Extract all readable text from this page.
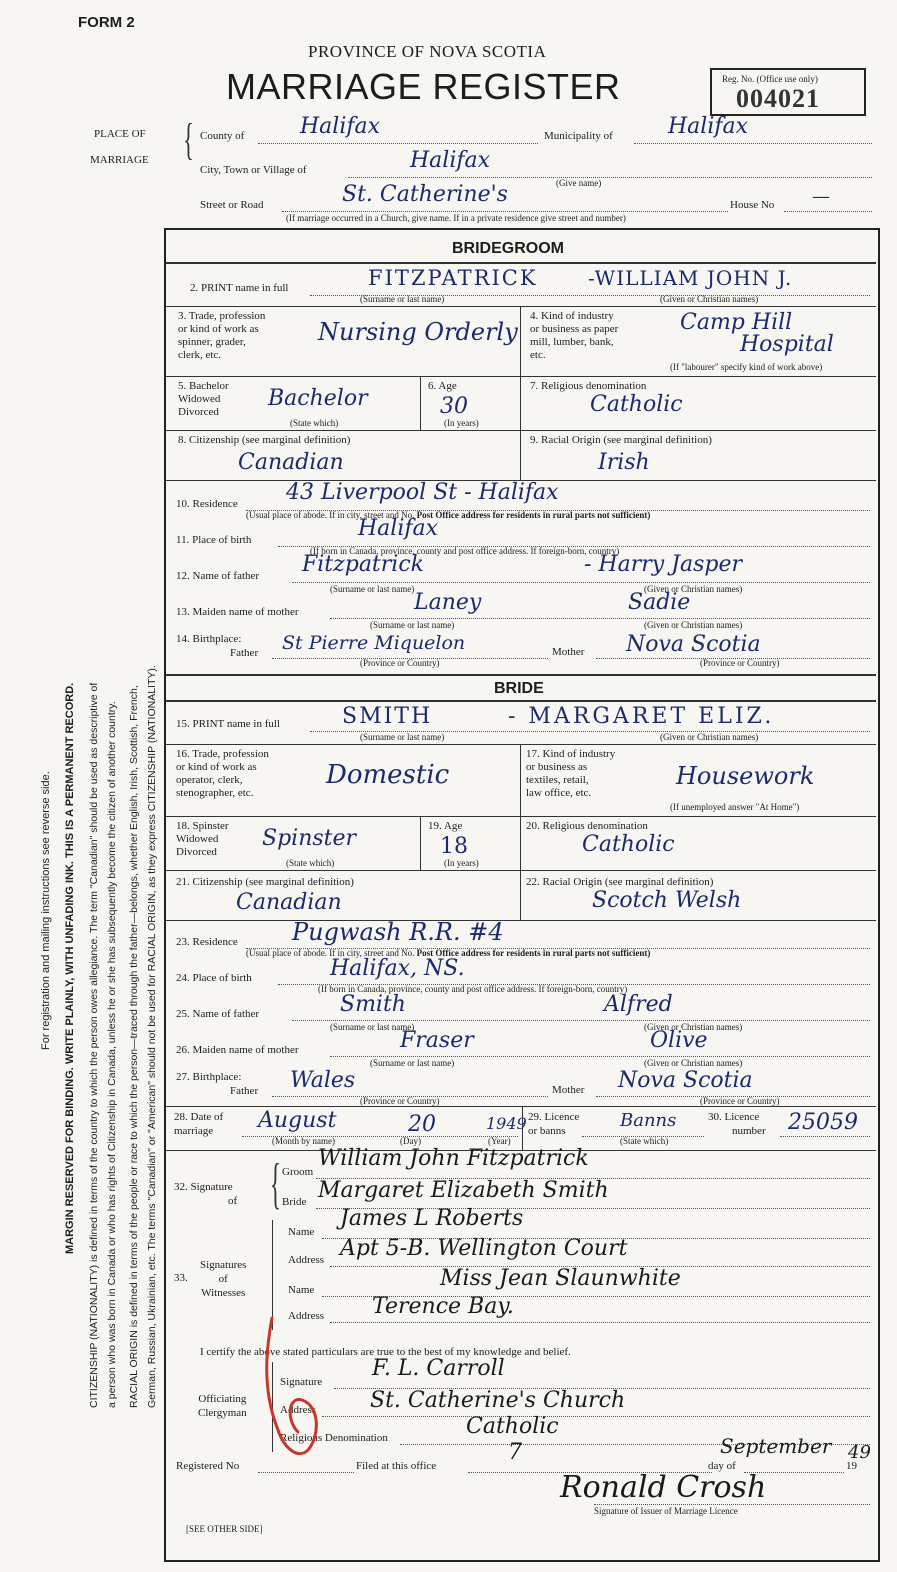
FORM 2
PROVINCE OF NOVA SCOTIA
MARRIAGE REGISTER	Reg. No. (Office use only)
004021
PLACE OF
MARRIAGE { County of	Halifax	Municipality of	Halifax
City, Town or Village of	Halifax
(Give name)
Street or Road	St. Catherine's	House No —
(If marriage occurred in a Church, give name. If in a private residence give street and number)
BRIDEGROOM
2. PRINT name in full	FITZPATRICK	-WILLIAM JOHN J.
(Surname or last name)	(Given or Christian names)
3. Trade, profession
or kind of work as
spinner, grader,
clerk, etc.
Nursing Orderly
4. Kind of industry
or business as paper
mill, lumber, bank,
etc.
Camp Hill
Hospital
(If "labourer" specify kind of work above)
5. Bachelor
Widowed
Divorced
Bachelor
(State which)
6. Age
30
(In years)
7. Religious denomination
Catholic
8. Citizenship (see marginal definition)
Canadian
9. Racial Origin (see marginal definition)
Irish
10. Residence 43 Liverpool St - Halifax
(Usual place of abode. If in city, street and No. Post Office address for residents in rural parts not sufficient)
11. Place of birth	Halifax
(If born in Canada, province, county and post office address. If foreign-born, country)
12. Name of father Fitzpatrick	- Harry Jasper
(Surname or last name)	(Given or Christian names)
13. Maiden name of mother	Laney	Sadie
(Surname or last name)	(Given or Christian names)
14. Birthplace:
Father St Pierre Miquelon	Mother Nova Scotia
(Province or Country)	(Province or Country)
BRIDE
15. PRINT name in full	SMITH	- MARGARET ELIZ.
(Surname or last name)	(Given or Christian names)
16. Trade, profession
or kind of work as
operator, clerk,
stenographer, etc.
Domestic
17. Kind of industry
or business as
textiles, retail,
law office, etc.
Housework
(If unemployed answer "At Home")
18. Spinster
Widowed
Divorced
Spinster
(State which)
19. Age
18
(In years)
20. Religious denomination
Catholic
21. Citizenship (see marginal definition)
Canadian
22. Racial Origin (see marginal definition)
Scotch Welsh
23. Residence Pugwash R.R. #4
(Usual place of abode. If in city, street and No. Post Office address for residents in rural parts not sufficient)
24. Place of birth	Halifax, NS.
(If born in Canada, province, county and post office address. If foreign-born, country)
25. Name of father	Smith	Alfred
(Surname or last name)	(Given or Christian names)
26. Maiden name of mother	Fraser	Olive
(Surname or last name)	(Given or Christian names)
27. Birthplace:
Father Wales	Mother Nova Scotia
(Province or Country)	(Province or Country)
28. Date of
marriage	August	20	1949
(Month by name)	(Day)	(Year)
29. Licence
or banns	Banns
(State which)
30. Licence
number 25059
32. Signature
of { Groom
William John Fitzpatrick
Bride Margaret Elizabeth Smith
Signatures
of
Witnesses
33.
Name
James L Roberts
Address Apt 5-B. Wellington Court
Name	Miss Jean Slaunwhite
Address Terence Bay.
I certify the above stated particulars are true to the best of my knowledge and belief.
Officiating
Clergyman
Signature
F. L. Carroll
Address St. Catherine's Church
Religious Denomination	Catholic
Registered No	Filed at this office
7
day of
September
19
49
Ronald Crosh
Signature of Issuer of Marriage Licence
[SEE OTHER SIDE]
For registration and mailing instructions see reverse side. MARGIN RESERVED FOR BINDING. WRITE PLAINLY, WITH UNFADING INK. THIS IS A PERMANENT RECORD. CITIZENSHIP (NATIONALITY) is defined in terms of the country to which the person owes allegiance. The term "Canadian" should be used as descriptive of a person who was born in Canada or who has rights of Citizenship in Canada, unless he or she has subsequently become the citizen of another country. RACIAL ORIGIN is defined in terms of the people or race to which the person—traced through the father—belongs, whether English, Irish, Scottish, French, German, Russian, Ukrainian, etc. The terms "Canadian" or "American" should not be used for RACIAL ORIGIN, as they express CITIZENSHIP (NATIONALITY).
